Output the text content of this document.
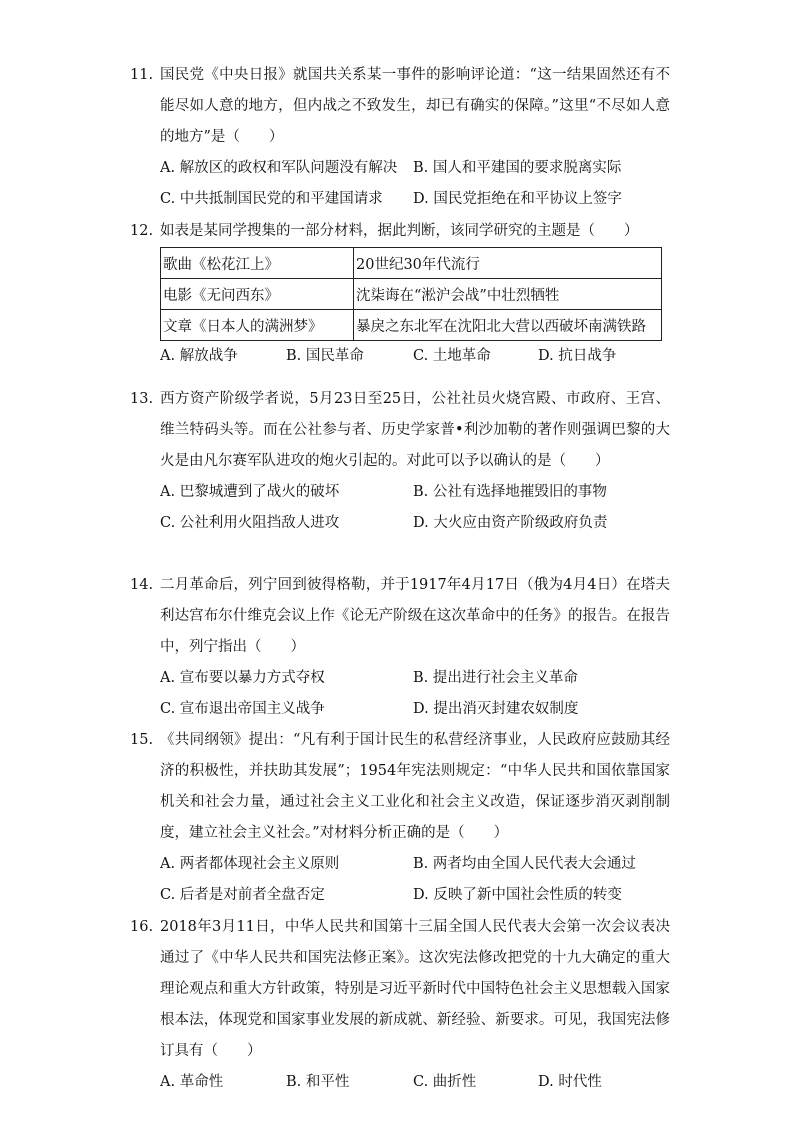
11. 国民党《中央日报》就国共关系某一事件的影响评论道：“这一结果固然还有不能尽如人意的地方，但内战之不致发生，却已有确实的保障。”这里“不尽如人意的地方”是（　　）
A. 解放区的政权和军队问题没有解决 B. 国人和平建国的要求脱离实际
C. 中共抵制国民党的和平建国请求 D. 国民党拒绝在和平协议上签字
12. 如表是某同学搜集的一部分材料，据此判断，该同学研究的主题是（　　）
歌曲《松花江上》	20世纪30年代流行
电影《无问西东》	沈柒诲在“淞沪会战”中壮烈牺牲
文章《日本人的满洲梦》	暴戾之东北军在沈阳北大营以西破坏南满铁路
A. 解放战争	B. 国民革命	C. 土地革命	D. 抗日战争
13. 西方资产阶级学者说，5月23日至25日，公社社员火烧宫殿、市政府、王宫、维兰特码头等。而在公社参与者、历史学家普•利沙加勒的著作则强调巴黎的大火是由凡尔赛军队进攻的炮火引起的。对此可以予以确认的是（　　）
A. 巴黎城遭到了战火的破坏	B. 公社有选择地摧毁旧的事物
C. 公社利用火阻挡敌人进攻	D. 大火应由资产阶级政府负责
14. 二月革命后，列宁回到彼得格勒，并于1917年4月17日（俄为4月4日）在塔夫利达宫布尔什维克会议上作《论无产阶级在这次革命中的任务》的报告。在报告中，列宁指出（　　）
A. 宣布要以暴力方式夺权	B. 提出进行社会主义革命
C. 宣布退出帝国主义战争	D. 提出消灭封建农奴制度
15. 《共同纲领》提出：“凡有利于国计民生的私营经济事业，人民政府应鼓励其经济的积极性，并扶助其发展”；1954年宪法则规定：“中华人民共和国依靠国家机关和社会力量，通过社会主义工业化和社会主义改造，保证逐步消灭剥削制度，建立社会主义社会。”对材料分析正确的是（　　）
A. 两者都体现社会主义原则	B. 两者均由全国人民代表大会通过
C. 后者是对前者全盘否定	D. 反映了新中国社会性质的转变
16. 2018年3月11日，中华人民共和国第十三届全国人民代表大会第一次会议表决通过了《中华人民共和国宪法修正案》。这次宪法修改把党的十九大确定的重大理论观点和重大方针政策，特别是习近平新时代中国特色社会主义思想载入国家根本法，体现党和国家事业发展的新成就、新经验、新要求。可见，我国宪法修订具有（　　）
A. 革命性	B. 和平性	C. 曲折性	D. 时代性
